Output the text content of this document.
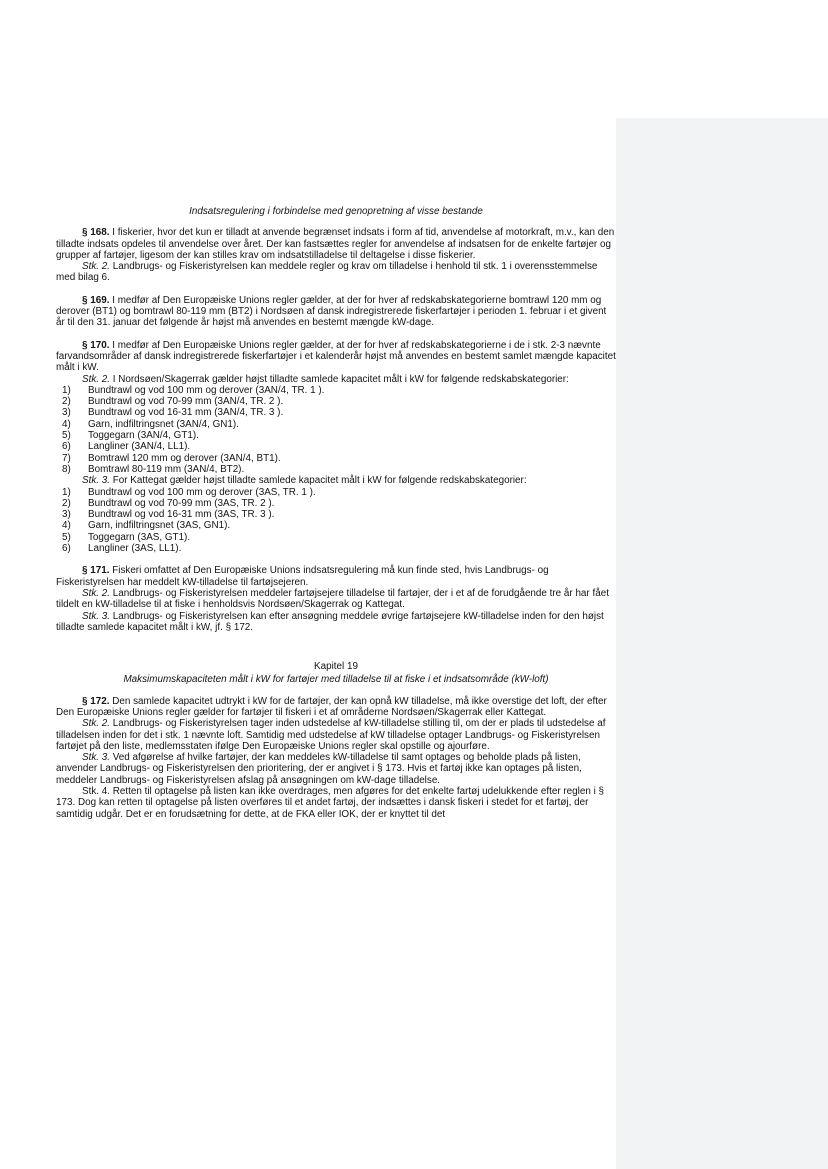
Indsatsregulering i forbindelse med genopretning af visse bestande

§ 168. I fiskerier, hvor det kun er tilladt at anvende begrænset indsats i form af tid, anvendelse af motorkraft, m.v., kan den tilladte indsats opdeles til anvendelse over året. Der kan fastsættes regler for anvendelse af indsatsen for de enkelte fartøjer og grupper af fartøjer, ligesom der kan stilles krav om indsatstilladelse til deltagelse i disse fiskerier.

Stk. 2. Landbrugs- og Fiskeristyrelsen kan meddele regler og krav om tilladelse i henhold til stk. 1 i overensstemmelse med bilag 6.

§ 169. I medfør af Den Europæiske Unions regler gælder, at der for hver af redskabskategorierne bomtrawl 120 mm og derover (BT1) og bomtrawl 80-119 mm (BT2) i Nordsøen af dansk indregistrerede fiskerfartøjer i perioden 1. februar i et givent år til den 31. januar det følgende år højst må anvendes en bestemt mængde kW-dage.

§ 170. I medfør af Den Europæiske Unions regler gælder, at der for hver af redskabskategorierne i de i stk. 2-3 nævnte farvandsområder af dansk indregistrerede fiskerfartøjer i et kalenderår højst må anvendes en bestemt samlet mængde kapacitet målt i kW.

Stk. 2. I Nordsøen/Skagerrak gælder højst tilladte samlede kapacitet målt i kW for følgende redskabskategorier:

1) Bundtrawl og vod 100 mm og derover (3AN/4, TR. 1 ).
2) Bundtrawl og vod 70-99 mm (3AN/4, TR. 2 ).
3) Bundtrawl og vod 16-31 mm (3AN/4, TR. 3 ).
4) Garn, indfiltringsnet (3AN/4, GN1).
5) Toggegarn (3AN/4, GT1).
6) Langliner (3AN/4, LL1).
7) Bomtrawl 120 mm og derover (3AN/4, BT1).
8) Bomtrawl 80-119 mm (3AN/4, BT2).

Stk. 3. For Kattegat gælder højst tilladte samlede kapacitet målt i kW for følgende redskabskategorier:

1) Bundtrawl og vod 100 mm og derover (3AS, TR. 1 ).
2) Bundtrawl og vod 70-99 mm (3AS, TR. 2 ).
3) Bundtrawl og vod 16-31 mm (3AS, TR. 3 ).
4) Garn, indfiltringsnet (3AS, GN1).
5) Toggegarn (3AS, GT1).
6) Langliner (3AS, LL1).

§ 171. Fiskeri omfattet af Den Europæiske Unions indsatsregulering må kun finde sted, hvis Landbrugs- og Fiskeristyrelsen har meddelt kW-tilladelse til fartøjsejeren.

Stk. 2. Landbrugs- og Fiskeristyrelsen meddeler fartøjsejere tilladelse til fartøjer, der i et af de forudgående tre år har fået tildelt en kW-tilladelse til at fiske i henholdsvis Nordsøen/Skagerrak og Kattegat.

Stk. 3. Landbrugs- og Fiskeristyrelsen kan efter ansøgning meddele øvrige fartøjsejere kW-tilladelse inden for den højst tilladte samlede kapacitet målt i kW, jf. § 172.

Kapitel 19

Maksimumskapaciteten målt i kW for fartøjer med tilladelse til at fiske i et indsatsområde (kW-loft)

§ 172. Den samlede kapacitet udtrykt i kW for de fartøjer, der kan opnå kW tilladelse, må ikke overstige det loft, der efter Den Europæiske Unions regler gælder for fartøjer til fiskeri i et af områderne Nordsøen/Skagerrak eller Kattegat.

Stk. 2. Landbrugs- og Fiskeristyrelsen tager inden udstedelse af kW-tilladelse stilling til, om der er plads til udstedelse af tilladelsen inden for det i stk. 1 nævnte loft. Samtidig med udstedelse af kW tilladelse optager Landbrugs- og Fiskeristyrelsen fartøjet på den liste, medlemsstaten ifølge Den Europæiske Unions regler skal opstille og ajourføre.

Stk. 3. Ved afgørelse af hvilke fartøjer, der kan meddeles kW-tilladelse til samt optages og beholde plads på listen, anvender Landbrugs- og Fiskeristyrelsen den prioritering, der er angivet i § 173. Hvis et fartøj ikke kan optages på listen, meddeler Landbrugs- og Fiskeristyrelsen afslag på ansøgningen om kW-dage tilladelse.

Stk. 4. Retten til optagelse på listen kan ikke overdrages, men afgøres for det enkelte fartøj udelukkende efter reglen i § 173. Dog kan retten til optagelse på listen overføres til et andet fartøj, der indsættes i dansk fiskeri i stedet for et fartøj, der samtidig udgår. Det er en forudsætning for dette, at de FKA eller IOK, der er knyttet til det
